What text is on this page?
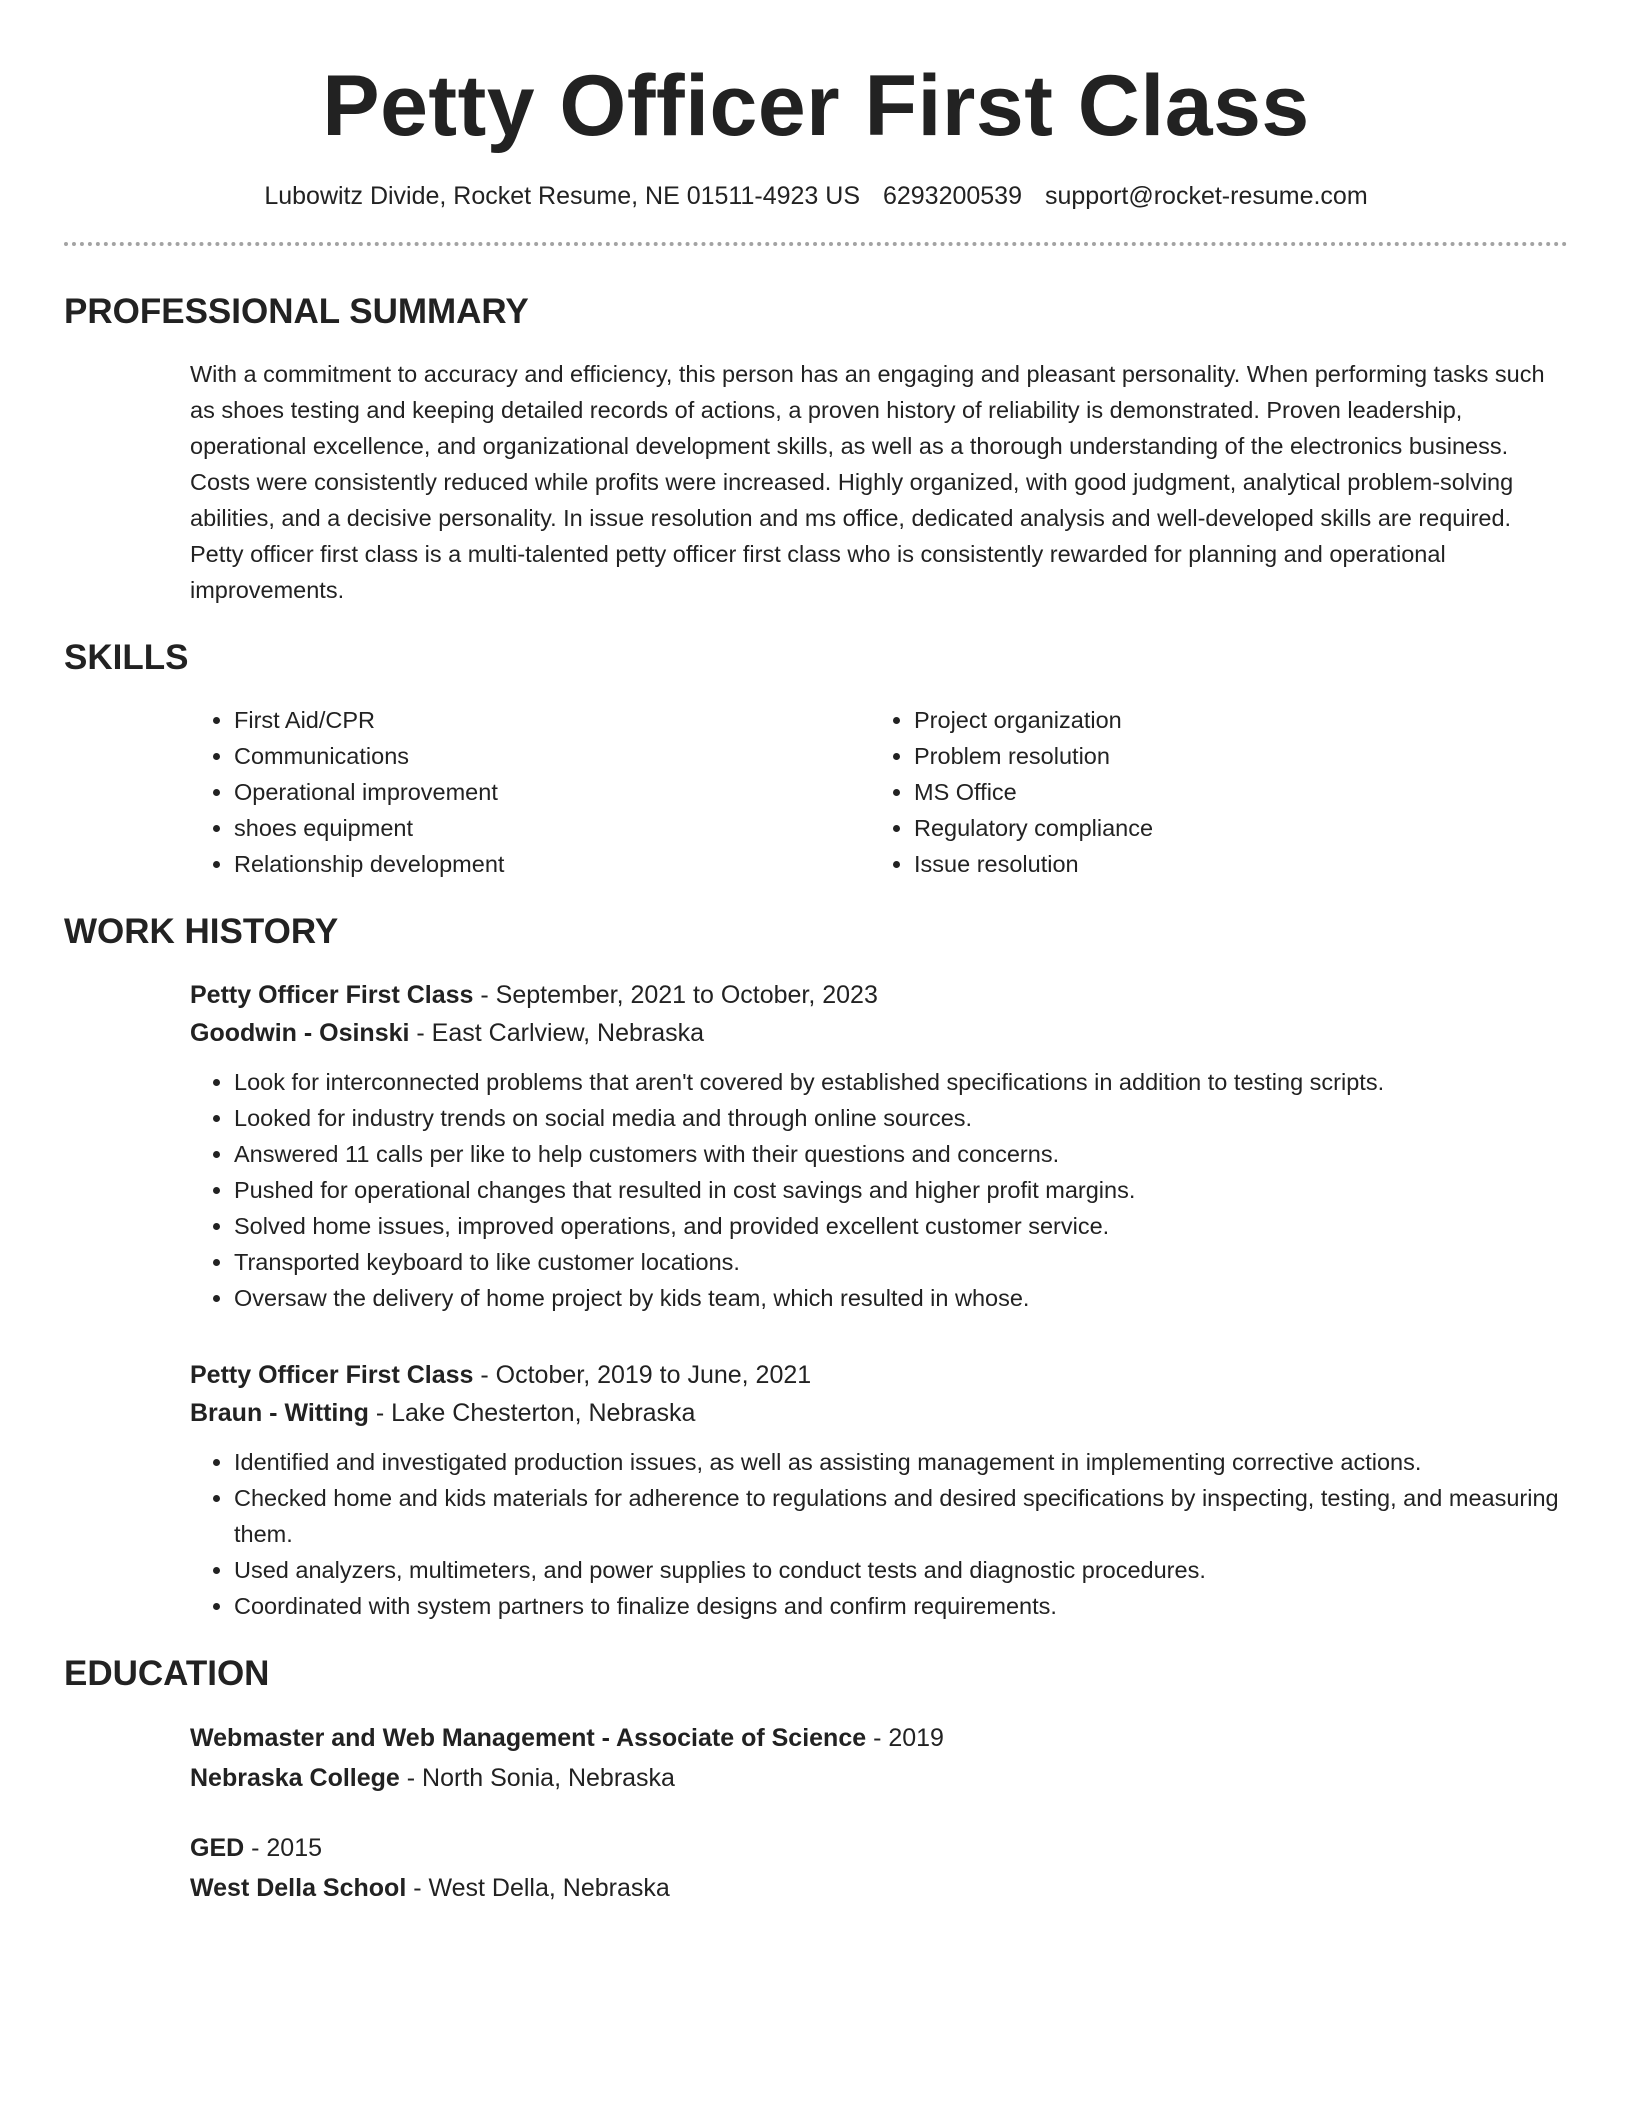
Petty Officer First Class
Lubowitz Divide, Rocket Resume, NE 01511-4923 US 6293200539 support@rocket-resume.com
PROFESSIONAL SUMMARY
With a commitment to accuracy and efficiency, this person has an engaging and pleasant personality. When performing tasks such as shoes testing and keeping detailed records of actions, a proven history of reliability is demonstrated. Proven leadership, operational excellence, and organizational development skills, as well as a thorough understanding of the electronics business. Costs were consistently reduced while profits were increased. Highly organized, with good judgment, analytical problem-solving abilities, and a decisive personality. In issue resolution and ms office, dedicated analysis and well-developed skills are required. Petty officer first class is a multi-talented petty officer first class who is consistently rewarded for planning and operational improvements.
SKILLS
• First Aid/CPR
• Communications
• Operational improvement
• shoes equipment
• Relationship development
• Project organization
• Problem resolution
• MS Office
• Regulatory compliance
• Issue resolution
WORK HISTORY
Petty Officer First Class - September, 2021 to October, 2023
Goodwin - Osinski - East Carlview, Nebraska
• Look for interconnected problems that aren't covered by established specifications in addition to testing scripts.
• Looked for industry trends on social media and through online sources.
• Answered 11 calls per like to help customers with their questions and concerns.
• Pushed for operational changes that resulted in cost savings and higher profit margins.
• Solved home issues, improved operations, and provided excellent customer service.
• Transported keyboard to like customer locations.
• Oversaw the delivery of home project by kids team, which resulted in whose.
Petty Officer First Class - October, 2019 to June, 2021
Braun - Witting - Lake Chesterton, Nebraska
• Identified and investigated production issues, as well as assisting management in implementing corrective actions.
• Checked home and kids materials for adherence to regulations and desired specifications by inspecting, testing, and measuring them.
• Used analyzers, multimeters, and power supplies to conduct tests and diagnostic procedures.
• Coordinated with system partners to finalize designs and confirm requirements.
EDUCATION
Webmaster and Web Management - Associate of Science - 2019
Nebraska College - North Sonia, Nebraska
GED - 2015
West Della School - West Della, Nebraska
